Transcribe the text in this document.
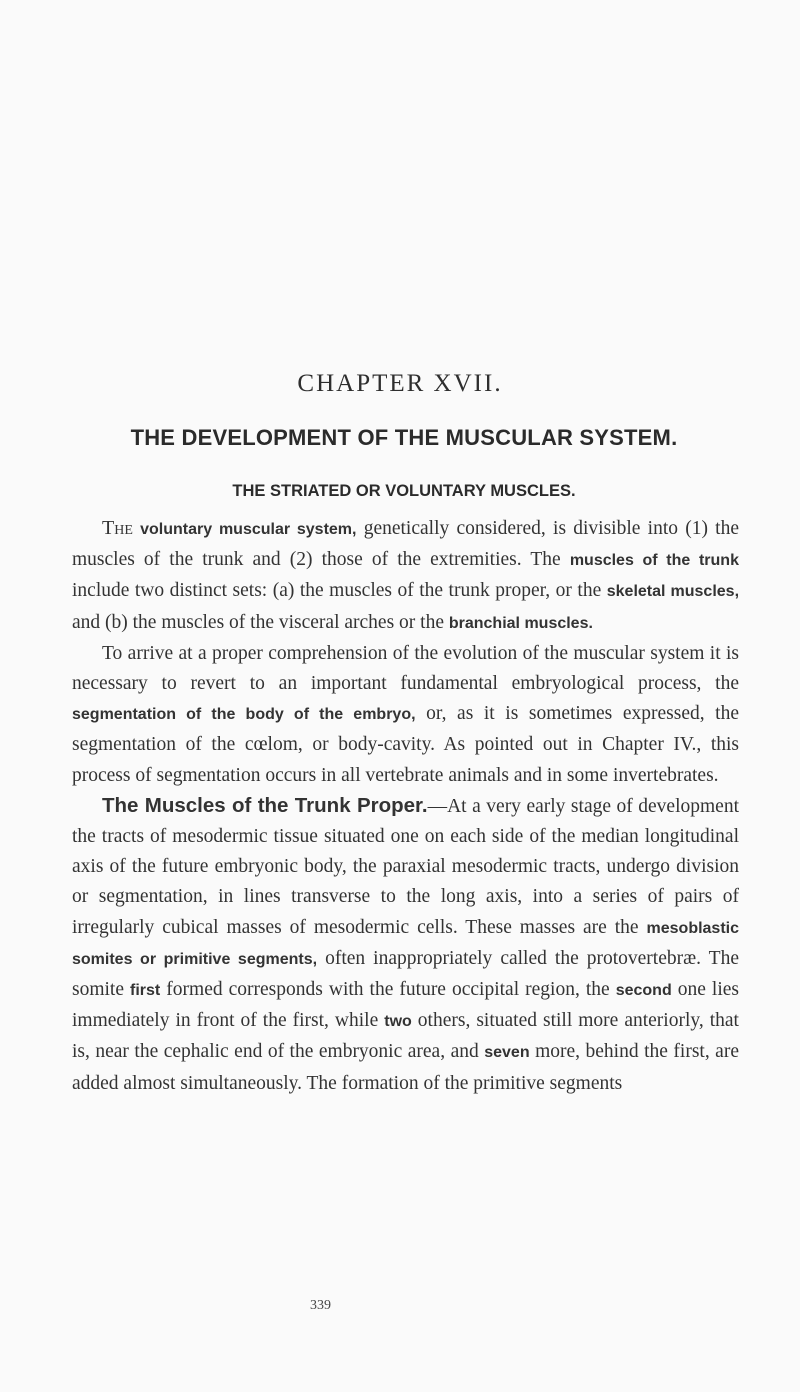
CHAPTER XVII.
THE DEVELOPMENT OF THE MUSCULAR SYSTEM.
THE STRIATED OR VOLUNTARY MUSCLES.

The voluntary muscular system, genetically considered, is divisible into (1) the muscles of the trunk and (2) those of the extremities. The muscles of the trunk include two distinct sets: (a) the muscles of the trunk proper, or the skeletal muscles, and (b) the muscles of the visceral arches or the branchial muscles.

To arrive at a proper comprehension of the evolution of the muscular system it is necessary to revert to an important fundamental embryological process, the segmentation of the body of the embryo, or, as it is sometimes expressed, the segmentation of the cœlom, or body-cavity. As pointed out in Chapter IV., this process of segmentation occurs in all vertebrate animals and in some invertebrates.

The Muscles of the Trunk Proper.—At a very early stage of development the tracts of mesodermic tissue situated one on each side of the median longitudinal axis of the future embryonic body, the paraxial mesodermic tracts, undergo division or segmentation, in lines transverse to the long axis, into a series of pairs of irregularly cubical masses of mesodermic cells. These masses are the mesoblastic somites or primitive segments, often inappropriately called the protovertebræ. The somite first formed corresponds with the future occipital region, the second one lies immediately in front of the first, while two others, situated still more anteriorly, that is, near the cephalic end of the embryonic area, and seven more, behind the first, are added almost simultaneously. The formation of the primitive segments

339
